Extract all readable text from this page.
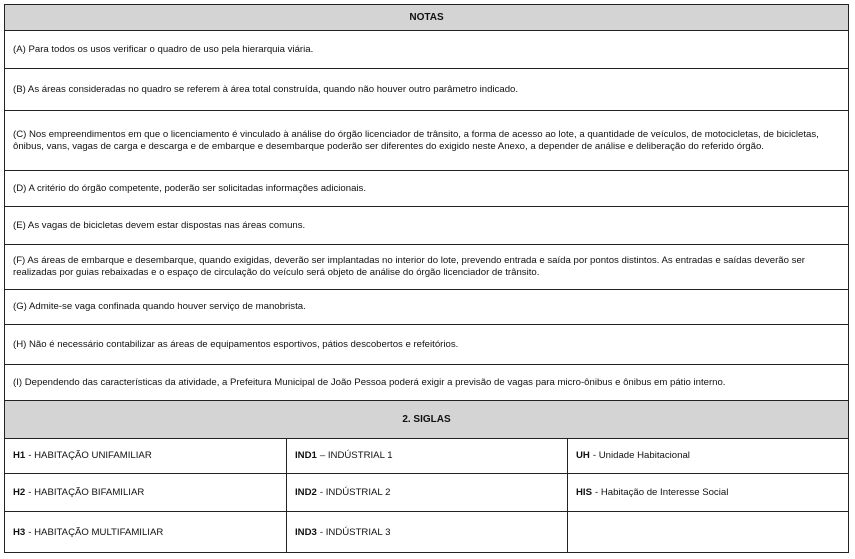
NOTAS
(A) Para todos os usos verificar o quadro de uso pela hierarquia viária.
(B) As áreas consideradas no quadro se referem à área total construída, quando não houver outro parâmetro indicado.
(C) Nos empreendimentos em que o licenciamento é vinculado à análise do órgão licenciador de trânsito, a forma de acesso ao lote, a quantidade de veículos, de motocicletas, de bicicletas, ônibus, vans, vagas de carga e descarga e de embarque e desembarque poderão ser diferentes do exigido neste Anexo, a depender de análise e deliberação do referido órgão.
(D) A critério do órgão competente, poderão ser solicitadas informações adicionais.
(E) As vagas de bicicletas devem estar dispostas nas áreas comuns.
(F) As áreas de embarque e desembarque, quando exigidas, deverão ser implantadas no interior do lote, prevendo entrada e saída por pontos distintos. As entradas e saídas deverão ser realizadas por guias rebaixadas e o espaço de circulação do veículo será objeto de análise do órgão licenciador de trânsito.
(G) Admite-se vaga confinada quando houver serviço de manobrista.
(H) Não é necessário contabilizar as áreas de equipamentos esportivos, pátios descobertos e refeitórios.
(I) Dependendo das características da atividade, a Prefeitura Municipal de João Pessoa poderá exigir a previsão de vagas para micro-ônibus e ônibus em pátio interno.
2. SIGLAS
H1 - HABITAÇÃO UNIFAMILIAR	IND1 – INDÚSTRIAL 1	UH - Unidade Habitacional
H2 - HABITAÇÃO BIFAMILIAR	IND2 - INDÚSTRIAL 2	HIS - Habitação de Interesse Social
H3 - HABITAÇÃO MULTIFAMILIAR	IND3 - INDÚSTRIAL 3
